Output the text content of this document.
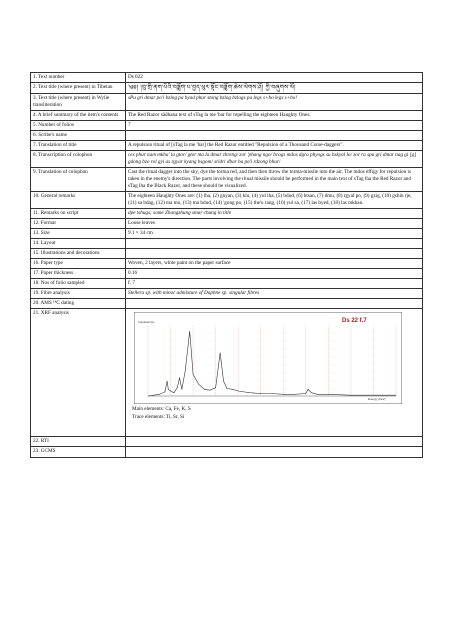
1. Text number	Ds 022
2. Text title (where present) in Tibetan	༄༅། །བུ་གྲི་ནག་པོའི་བཟློག་པ་བྱད་ཕུར་སྟོང་བཟློག་ཆེས་ལེགས་ཤོ། ཀྱི་བཞུགས་ལོ།
3. Text title (where present) in Wylie transliteration	sPu gri dmar po'i bzlog pa byad phur stong bzlog bzlogs pa legs s+ho legs s+ho!
4. A brief summary of the item's contents	The Red Razor sādhana text of sTag la me 'bar for repelling the eighteen Haughty Ones.
5. Number of folios	7
6. Scribe's name	
7. Translation of title	A repulsion ritual of [sTag la me 'bar] the Red Razor entitled "Repulsion of a Thousand Curse-daggers".
8. Transcription of colophon	ces phur nam mkha' la gtor/ gtor ma la dmar zhreng/ zor 'phang ngo/ bcogs mdos dgra phyogs su bskyal lo/ zor ra spu gri dmar nag gi [g] gdong bzo rol gyi as rgyar kyang bsgom/ sridri dbar ba pa'i rdzong bhur/
9. Translation of colophon	Cast the ritual dagger into the sky, dye the torma red, and then then throw the torma-missile into the air. The mdos effigy for repulsion is taken in the enemy's direction. The parts involving the ritual missile should be performed in the main text of sTag lha the Red Razor and sTag lha the Black Razor, and these should be visualized.
10. General remarks	The eighteen Haughty Ones are: (1) lha, (2) gnyan, (3) klu, (4) yul lha, (5) bdud, (6) btsan, (7) dmu, (8) rgyal po, (9) gzig, (10) gshin rje, (11) sa bdag, (12) ma mo, (13) ma bdud, (14) 'gong po, (15) the'u rang, (16) yul sa, (17) las byed, (18) las mkhan.
11. Remarks on script	dpe tshugs; some Zhangzhung smar chung in title
12. Format	Loose leaves
13. Size	9.1 × 34 cm
14. Layout	
15. Illustrations and decorations	
16. Paper type	Woven, 2 layers, white paint on the paper surface
17. Paper thickness	0.16
18. Nos of folio sampled	f. 7
19. Fibre analysis	Stellera sp. with minor admixture of Daphne sp. singular fibres
20. AMS ¹⁴C dating	
21. XRF analysis	Ds 22 f.7
Impulse/cps
Energy (keV)
Main elements: Ca, Fe, K, S
Trace elements: Ti, Sr, Si

22. RTI	
23. GCMS	
